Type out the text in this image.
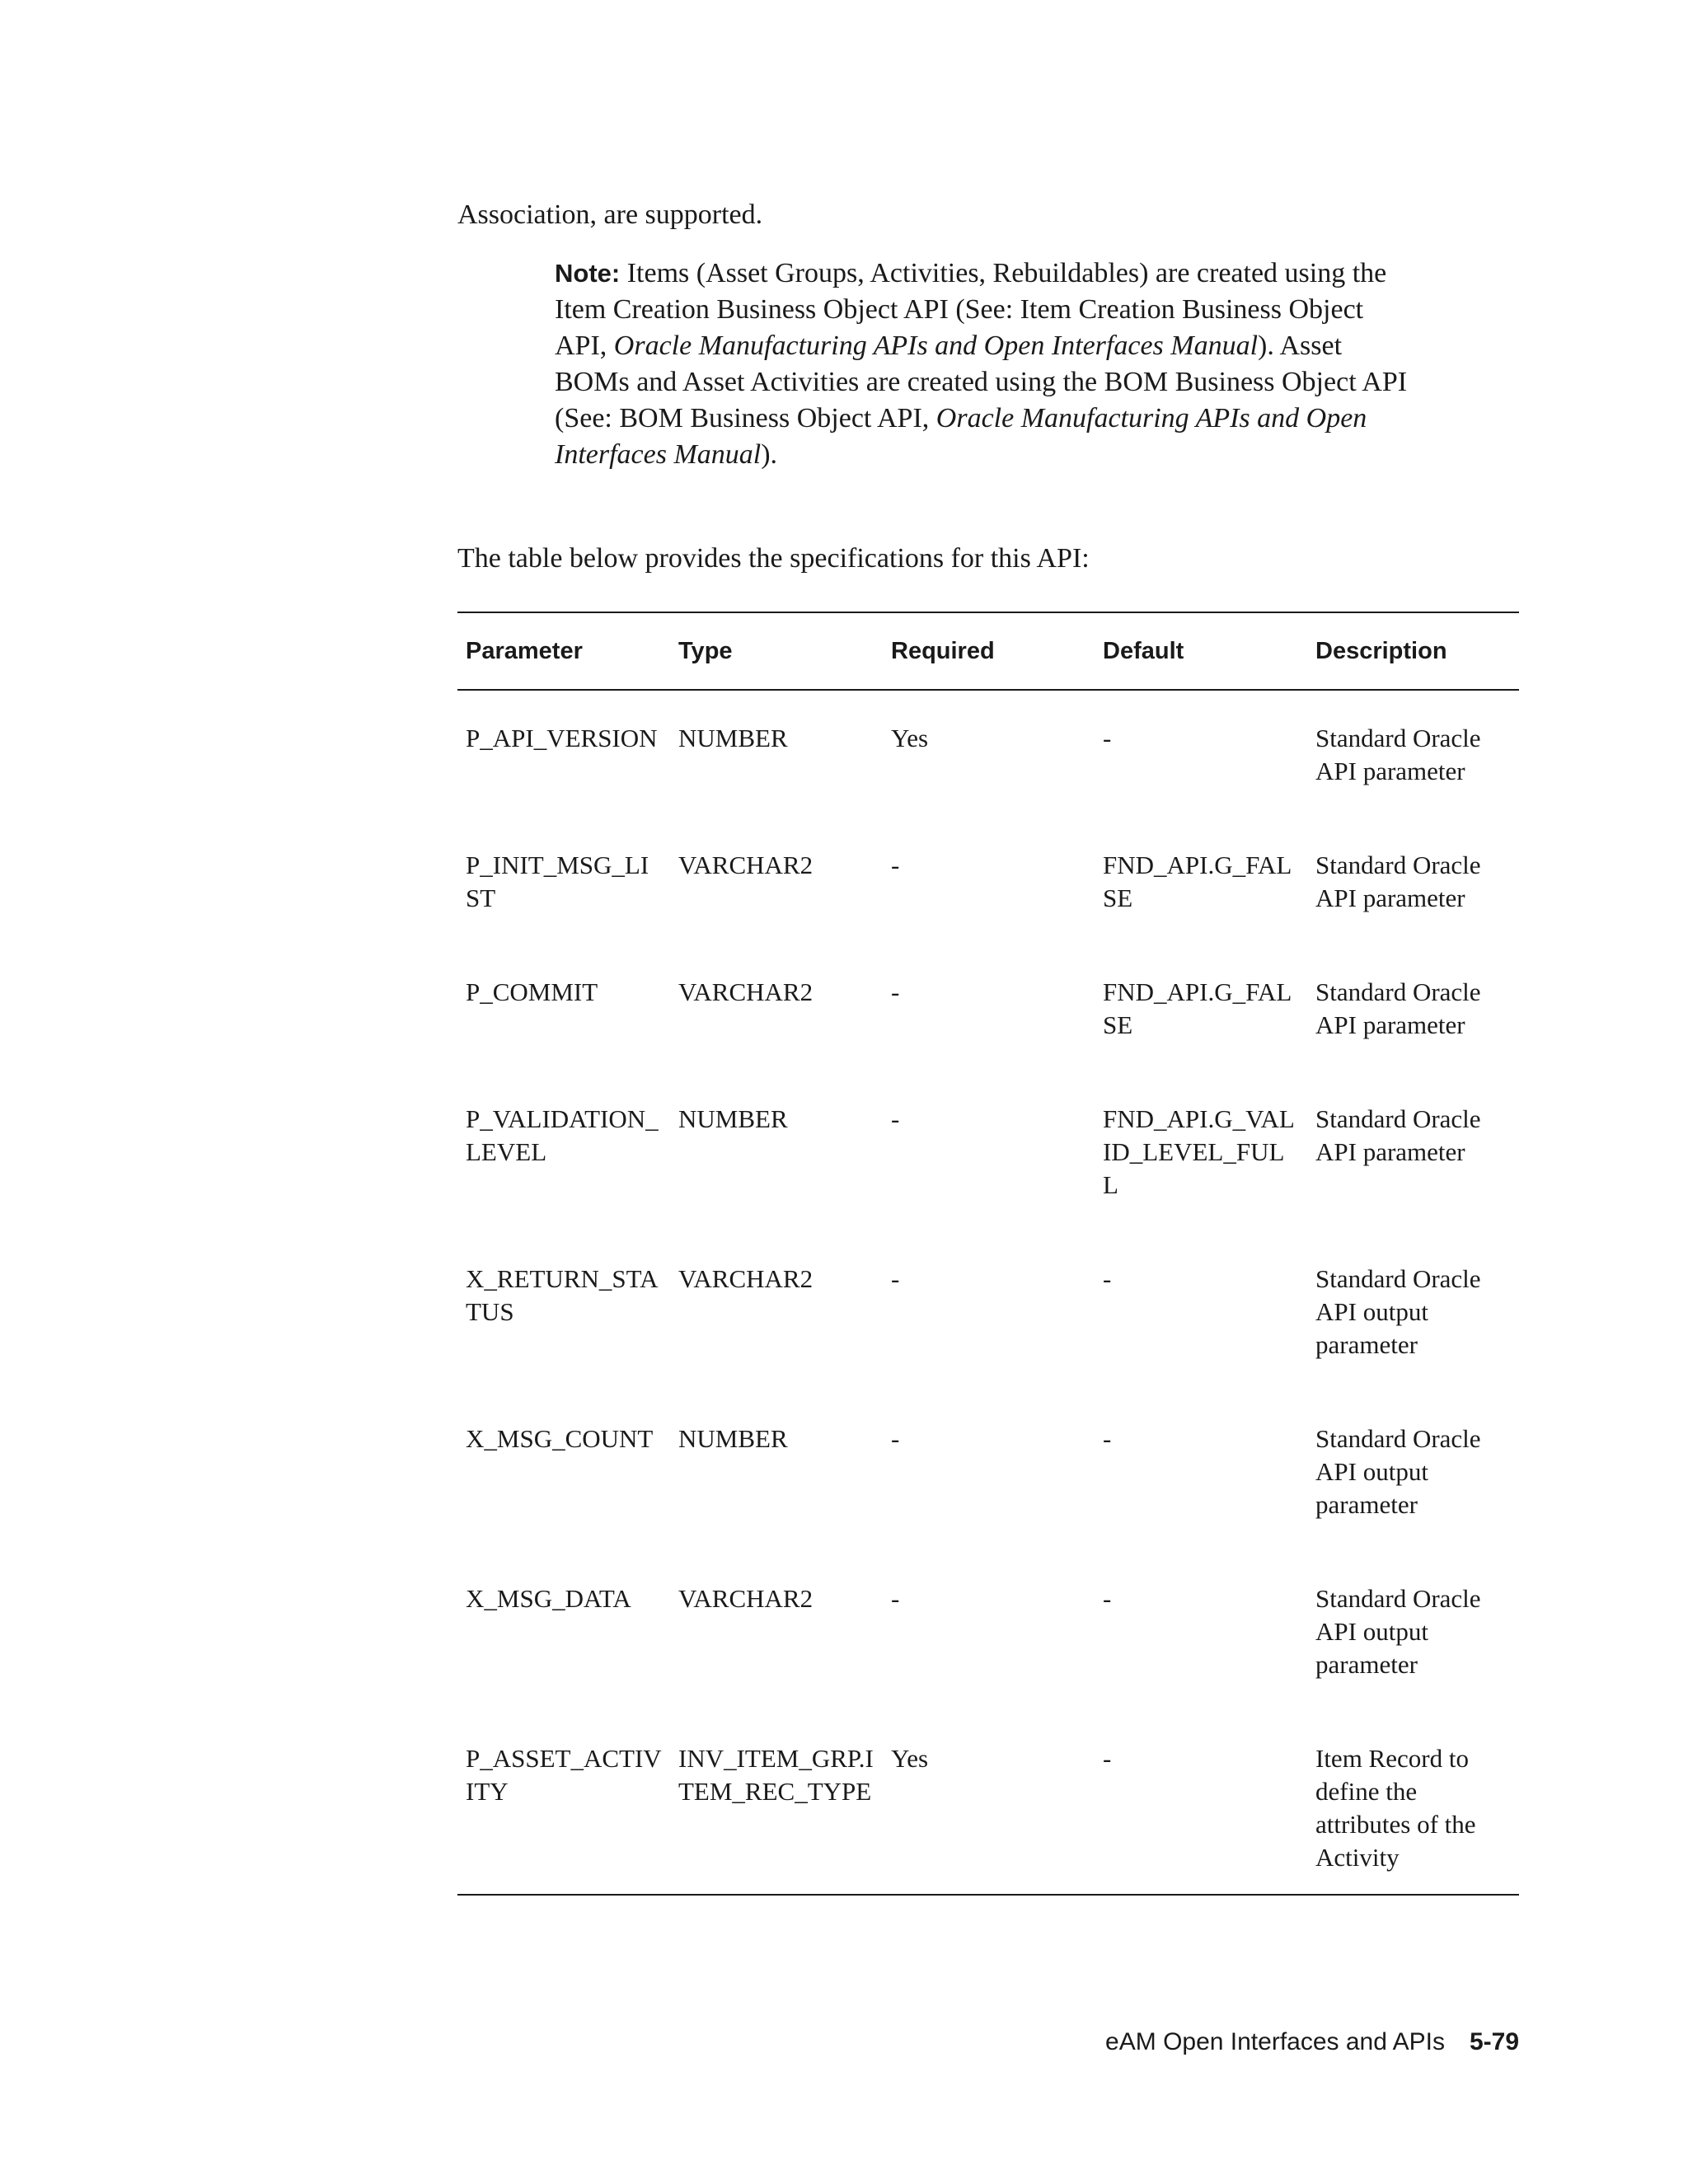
Association, are supported.

Note: Items (Asset Groups, Activities, Rebuildables) are created using the Item Creation Business Object API (See: Item Creation Business Object API, Oracle Manufacturing APIs and Open Interfaces Manual). Asset BOMs and Asset Activities are created using the BOM Business Object API (See: BOM Business Object API, Oracle Manufacturing APIs and Open Interfaces Manual).

The table below provides the specifications for this API:

Parameter	Type	Required	Default	Description
P_API_VERSION	NUMBER	Yes	-	Standard Oracle API parameter
P_INIT_MSG_LIST	VARCHAR2	-	FND_API.G_FALSE	Standard Oracle API parameter
P_COMMIT	VARCHAR2	-	FND_API.G_FALSE	Standard Oracle API parameter
P_VALIDATION_LEVEL	NUMBER	-	FND_API.G_VALID_LEVEL_FULL	Standard Oracle API parameter
X_RETURN_STATUS	VARCHAR2	-	-	Standard Oracle API output parameter
X_MSG_COUNT	NUMBER	-	-	Standard Oracle API output parameter
X_MSG_DATA	VARCHAR2	-	-	Standard Oracle API output parameter
P_ASSET_ACTIVITY	INV_ITEM_GRP.ITEM_REC_TYPE	Yes	-	Item Record to define the attributes of the Activity
eAM Open Interfaces and APIs 5-79
